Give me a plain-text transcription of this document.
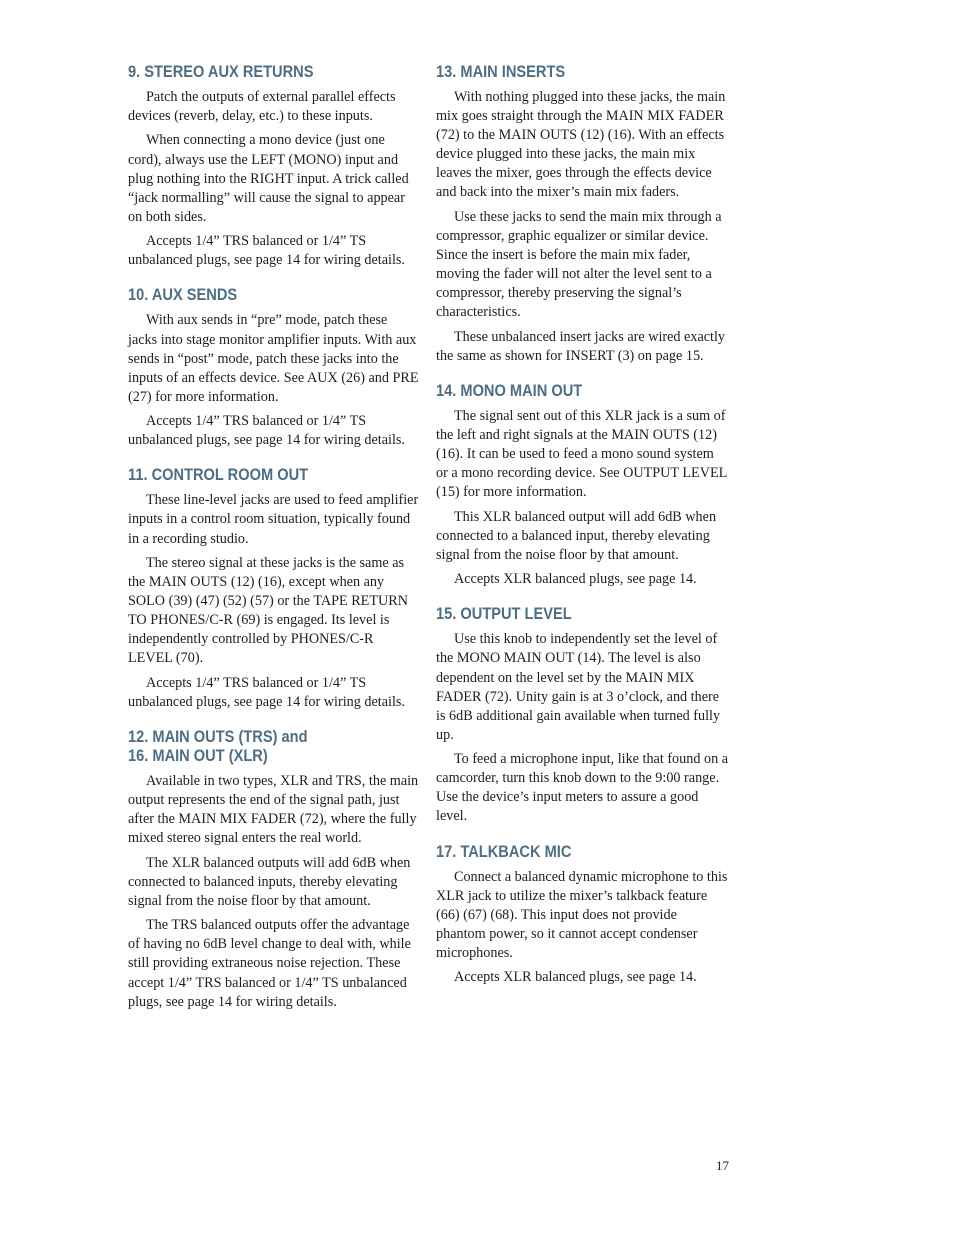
9. STEREO AUX RETURNS

Patch the outputs of external parallel effects devices (reverb, delay, etc.) to these inputs.

When connecting a mono device (just one cord), always use the LEFT (MONO) input and plug nothing into the RIGHT input. A trick called “jack normalling” will cause the signal to appear on both sides.

Accepts 1/4” TRS balanced or 1/4” TS unbalanced plugs, see page 14 for wiring details.

10. AUX SENDS

With aux sends in “pre” mode, patch these jacks into stage monitor amplifier inputs. With aux sends in “post” mode, patch these jacks into the inputs of an effects device. See AUX (26) and PRE (27) for more information.

Accepts 1/4” TRS balanced or 1/4” TS unbalanced plugs, see page 14 for wiring details.

11. CONTROL ROOM OUT

These line-level jacks are used to feed amplifier inputs in a control room situation, typically found in a recording studio.

The stereo signal at these jacks is the same as the MAIN OUTS (12) (16), except when any SOLO (39) (47) (52) (57) or the TAPE RETURN TO PHONES/C-R (69) is engaged. Its level is independently controlled by PHONES/C-R LEVEL (70).

Accepts 1/4” TRS balanced or 1/4” TS unbalanced plugs, see page 14 for wiring details.

12. MAIN OUTS (TRS) and
16. MAIN OUT (XLR)

Available in two types, XLR and TRS, the main output represents the end of the signal path, just after the MAIN MIX FADER (72), where the fully mixed stereo signal enters the real world.

The XLR balanced outputs will add 6dB when connected to balanced inputs, thereby elevating signal from the noise floor by that amount.

The TRS balanced outputs offer the advantage of having no 6dB level change to deal with, while still providing extraneous noise rejection. These accept 1/4” TRS balanced or 1/4” TS unbalanced plugs, see page 14 for wiring details.

13. MAIN INSERTS

With nothing plugged into these jacks, the main mix goes straight through the MAIN MIX FADER (72) to the MAIN OUTS (12) (16). With an effects device plugged into these jacks, the main mix leaves the mixer, goes through the effects device and back into the mixer’s main mix faders.

Use these jacks to send the main mix through a compressor, graphic equalizer or similar device. Since the insert is before the main mix fader, moving the fader will not alter the level sent to a compressor, thereby preserving the signal’s characteristics.

These unbalanced insert jacks are wired exactly the same as shown for INSERT (3) on page 15.

14. MONO MAIN OUT

The signal sent out of this XLR jack is a sum of the left and right signals at the MAIN OUTS (12) (16). It can be used to feed a mono sound system or a mono recording device. See OUTPUT LEVEL (15) for more information.

This XLR balanced output will add 6dB when connected to a balanced input, thereby elevating signal from the noise floor by that amount.

Accepts XLR balanced plugs, see page 14.

15. OUTPUT LEVEL

Use this knob to independently set the level of the MONO MAIN OUT (14). The level is also dependent on the level set by the MAIN MIX FADER (72). Unity gain is at 3 o’clock, and there is 6dB additional gain available when turned fully up.

To feed a microphone input, like that found on a camcorder, turn this knob down to the 9:00 range. Use the device’s input meters to assure a good level.

17. TALKBACK MIC

Connect a balanced dynamic microphone to this XLR jack to utilize the mixer’s talkback feature (66) (67) (68). This input does not provide phantom power, so it cannot accept condenser microphones.

Accepts XLR balanced plugs, see page 14.

17
